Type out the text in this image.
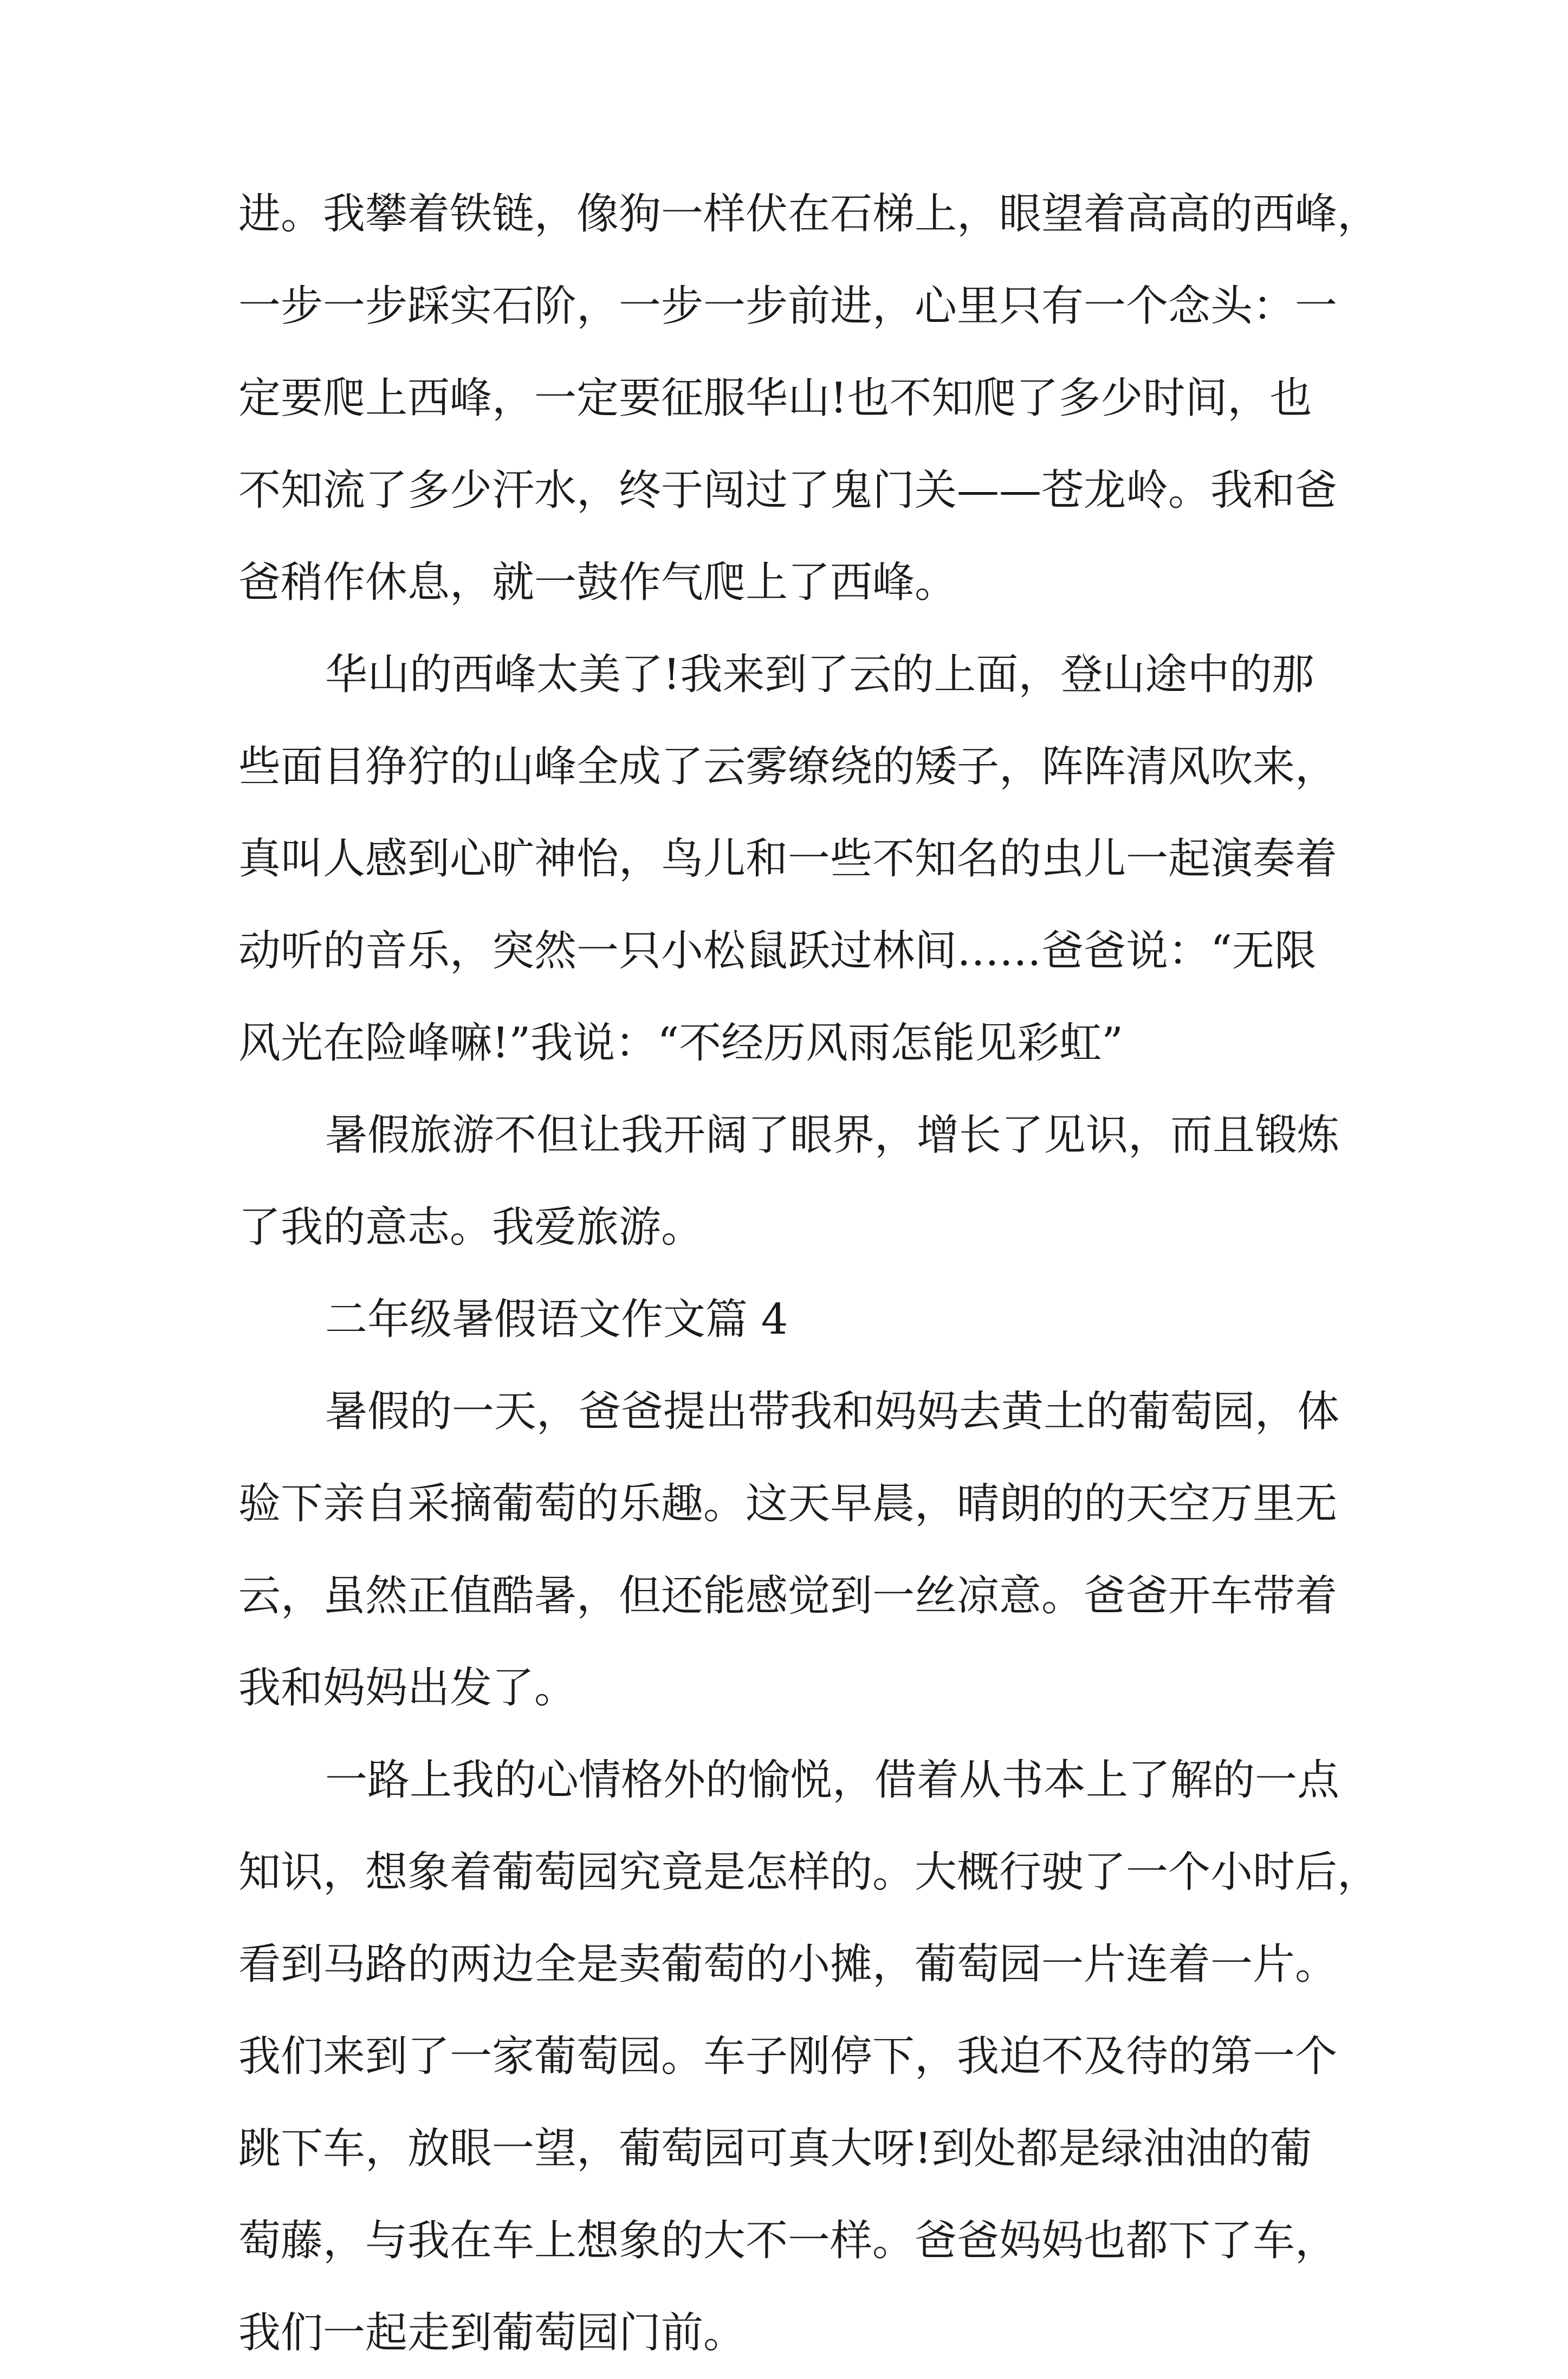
进。我攀着铁链，像狗一样伏在石梯上，眼望着高高的西峰，
一步一步踩实石阶，一步一步前进，心里只有一个念头：一
定要爬上西峰，一定要征服华山!也不知爬了多少时间，也
不知流了多少汗水，终于闯过了鬼门关——苍龙岭。我和爸
爸稍作休息，就一鼓作气爬上了西峰。
华山的西峰太美了!我来到了云的上面，登山途中的那
些面目狰狞的山峰全成了云雾缭绕的矮子，阵阵清风吹来，
真叫人感到心旷神怡，鸟儿和一些不知名的虫儿一起演奏着
动听的音乐，突然一只小松鼠跃过林间……爸爸说：“无限
风光在险峰嘛!”我说：“不经历风雨怎能见彩虹”
暑假旅游不但让我开阔了眼界，增长了见识，而且锻炼
了我的意志。我爱旅游。
二年级暑假语文作文篇 4
暑假的一天，爸爸提出带我和妈妈去黄土的葡萄园，体
验下亲自采摘葡萄的乐趣。这天早晨，晴朗的的天空万里无
云，虽然正值酷暑，但还能感觉到一丝凉意。爸爸开车带着
我和妈妈出发了。
一路上我的心情格外的愉悦，借着从书本上了解的一点
知识，想象着葡萄园究竟是怎样的。大概行驶了一个小时后，
看到马路的两边全是卖葡萄的小摊，葡萄园一片连着一片。
我们来到了一家葡萄园。车子刚停下，我迫不及待的第一个
跳下车，放眼一望，葡萄园可真大呀!到处都是绿油油的葡
萄藤，与我在车上想象的大不一样。爸爸妈妈也都下了车，
我们一起走到葡萄园门前。
